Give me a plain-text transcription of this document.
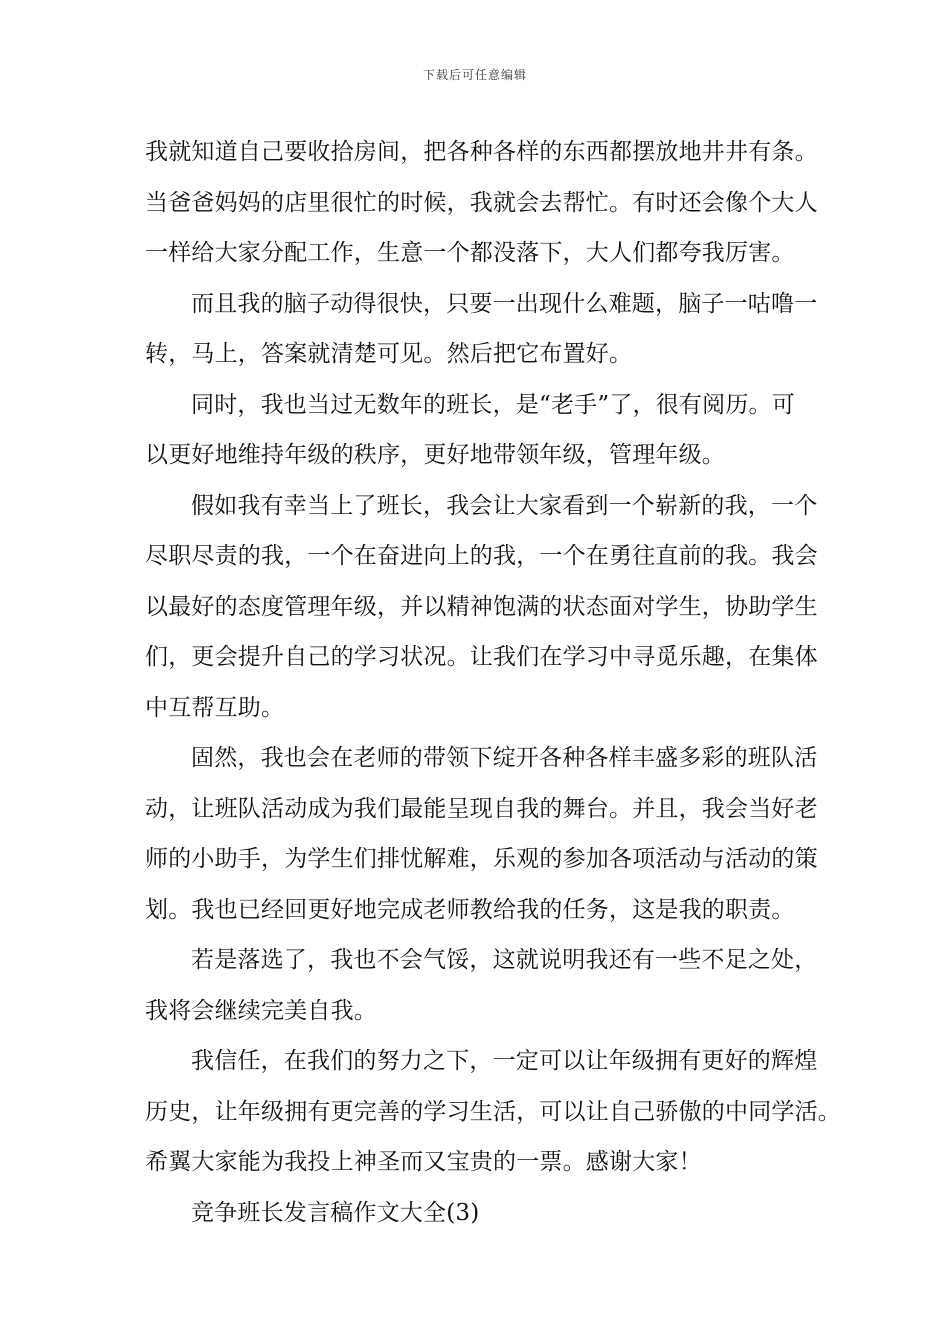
下载后可任意编辑
我就知道自己要收拾房间，把各种各样的东西都摆放地井井有条。
当爸爸妈妈的店里很忙的时候，我就会去帮忙。有时还会像个大人
一样给大家分配工作，生意一个都没落下，大人们都夸我厉害。
而且我的脑子动得很快，只要一出现什么难题，脑子一咕噜一
转，马上，答案就清楚可见。然后把它布置好。
同时，我也当过无数年的班长，是“老手”了，很有阅历。可
以更好地维持年级的秩序，更好地带领年级，管理年级。
假如我有幸当上了班长，我会让大家看到一个崭新的我，一个
尽职尽责的我，一个在奋进向上的我，一个在勇往直前的我。我会
以最好的态度管理年级，并以精神饱满的状态面对学生，协助学生
们，更会提升自己的学习状况。让我们在学习中寻觅乐趣，在集体
中互帮互助。
固然，我也会在老师的带领下绽开各种各样丰盛多彩的班队活
动，让班队活动成为我们最能呈现自我的舞台。并且，我会当好老
师的小助手，为学生们排忧解难，乐观的参加各项活动与活动的策
划。我也已经回更好地完成老师教给我的任务，这是我的职责。
若是落选了，我也不会气馁，这就说明我还有一些不足之处，
我将会继续完美自我。
我信任，在我们的努力之下，一定可以让年级拥有更好的辉煌
历史，让年级拥有更完善的学习生活，可以让自己骄傲的中同学活。
希翼大家能为我投上神圣而又宝贵的一票。感谢大家！
竞争班长发言稿作文大全(3)
